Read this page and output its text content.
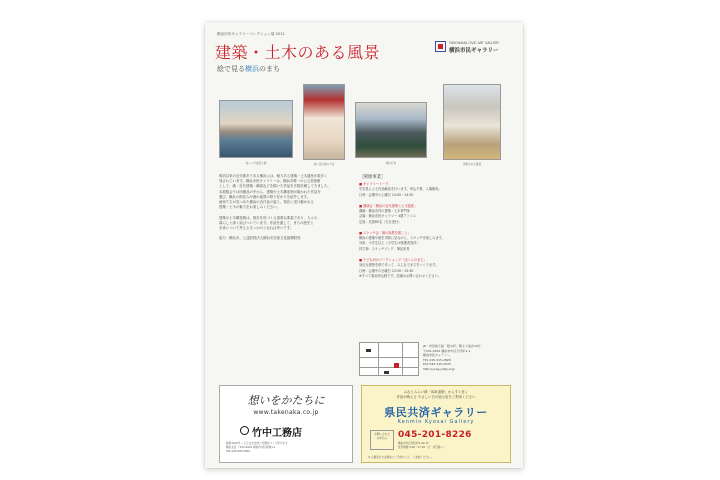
横浜市民ギャラリーコレクション展 2011
建築・土木のある風景
絵で見る横浜のまち
YOKOHAMA CIVIC ART GALLERY
横浜市民ギャラリー
赤レンガ倉庫と港	赤い家の前の少女	港の灯台	洋館のある風景
明治以来の近代都市である横浜には、魅力ある建築・土木遺産が数多く
残されています。横浜市民ギャラリーは、横浜市唯一の公立美術館
として、港・近代建築・橋梁などを描いた作品を多数収蔵してきました。
本展覧会では所蔵品の中から、建築や土木構造物が描かれた作品を
選び、横浜の街並みや港の風景の移り変わりを紹介します。
画家たちが見つめた横浜の近代化の姿と、現在に受け継がれる
建築・土木の魅力をお楽しみください。

建築や土木構造物は、都市を形づくる重要な要素であり、人々の
暮らしと深く結びついています。作品を通して、まちの歴史と
未来について考えるきっかけとなれば幸いです。

協力：横浜市、公益財団法人横浜市芸術文化振興財団
［関連事業］
■ ギャラリートーク
学芸員による作品解説を行います。申込不要、入場無料。
日時：会期中の土曜日 14:00〜14:30

■ 講演会「横浜の近代建築と土木遺産」
講師：横浜市内の建築・土木専門家
会場：横浜市民ギャラリー 4階アトリエ
定員：先着80名（当日受付）

■ スケッチ会「港の風景を描こう」
横浜の建築や港を実際に見ながら、スケッチを楽しみます。
対象：小学生以上（小学生は保護者同伴）
持ち物：スケッチブック、筆記用具

■ 子ども向けワークショップ「ぼくらのまち」
身近な建物を紙で作って、みんなでまちをつくります。
日時：会期中の日曜日 13:30〜15:30
※すべて事前申込制です。詳細はお問い合わせください。
JR・市営地下鉄「桜木町」駅より徒歩10分
〒231-0031 横浜市中区万代町1-1
横浜市民ギャラリー
TEL 045-315-2828
FAX 045-315-3033
http://ycag.yafjp.org/
想いをかたちに
www.takenaka.co.jp
竹中工務店
創業1610年 ─ 人と社会を結ぶ空間をつくり続けます
横浜支店 〒231-0001 横浜市中区新港1-1
TEL 045-000-0000
みなとみらい線「馬車道駅」からすぐ近く
作品が映える やさしい白の展示室をご利用ください
県民共済ギャラリー
Kenmin Kyosai Gallery
お問い合わせ
お申込み	045-201-8226
横浜市中区相生町2-40 1F
受付時間 9:00〜17:00（日・祝日除く）
※ 主催者の方は事前にご予約のうえ、ご来館ください。
